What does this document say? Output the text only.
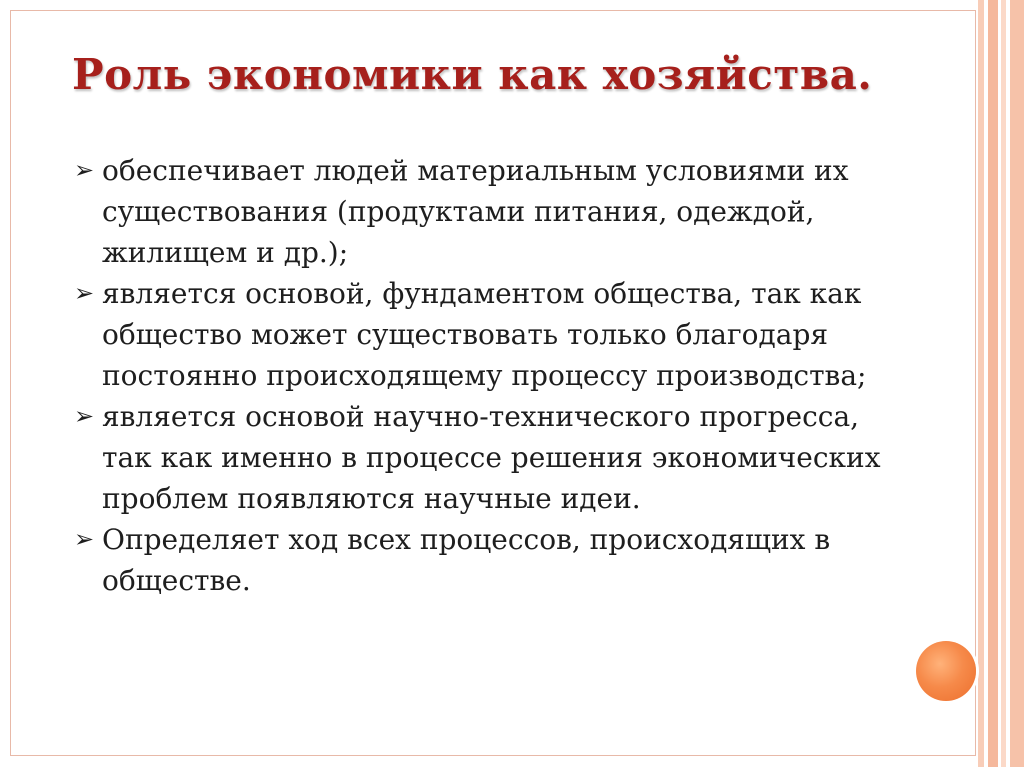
Роль экономики как хозяйства.
➢ обеспечивает людей материальным условиями их существования (продуктами питания, одеждой, жилищем и др.);
➢ является основой, фундаментом общества, так как общество может существовать только благодаря постоянно происходящему процессу производства;
➢ является основой научно-технического прогресса, так как именно в процессе решения экономических проблем появляются научные идеи.
➢ Определяет ход всех процессов, происходящих в обществе.
